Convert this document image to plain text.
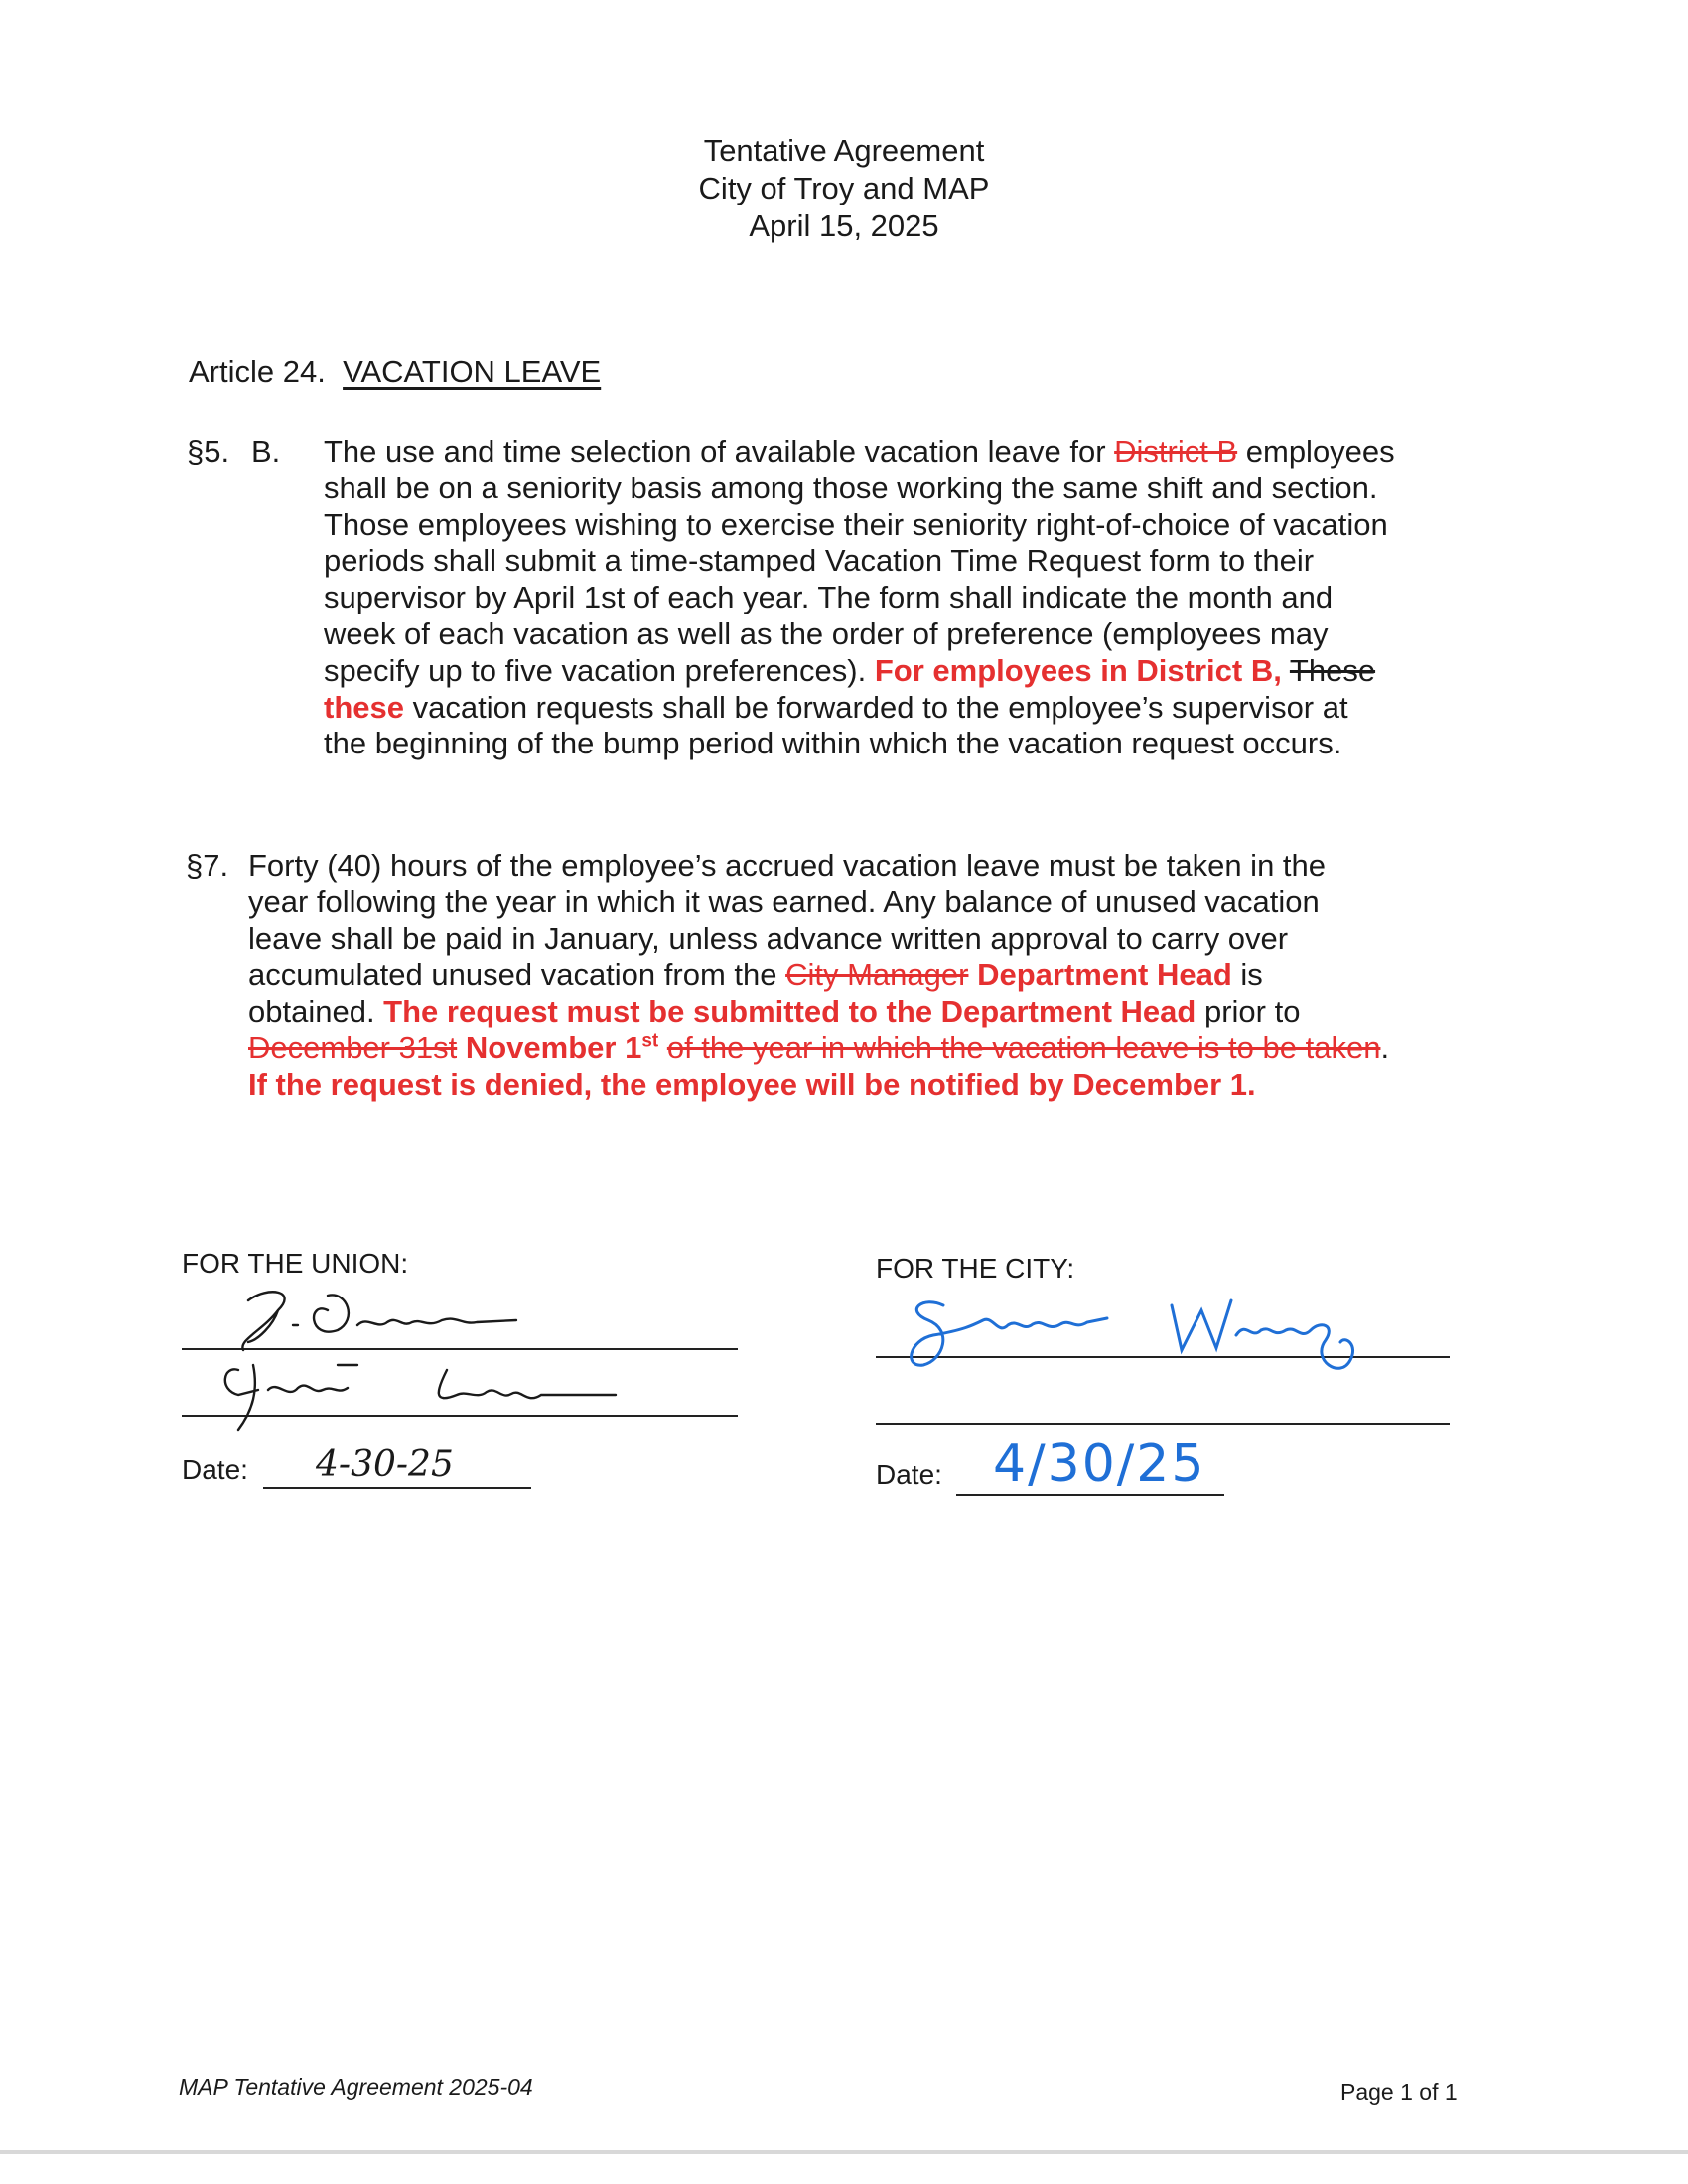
Tentative Agreement
City of Troy and MAP
April 15, 2025
Article 24. VACATION LEAVE
§5. B. The use and time selection of available vacation leave for District B employees
shall be on a seniority basis among those working the same shift and section.
Those employees wishing to exercise their seniority right-of-choice of vacation
periods shall submit a time-stamped Vacation Time Request form to their
supervisor by April 1st of each year. The form shall indicate the month and
week of each vacation as well as the order of preference (employees may
specify up to five vacation preferences). For employees in District B, These
these vacation requests shall be forwarded to the employee’s supervisor at
the beginning of the bump period within which the vacation request occurs.
§7. Forty (40) hours of the employee’s accrued vacation leave must be taken in the
year following the year in which it was earned. Any balance of unused vacation
leave shall be paid in January, unless advance written approval to carry over
accumulated unused vacation from the City Manager Department Head is
obtained. The request must be submitted to the Department Head prior to
December 31st November 1st of the year in which the vacation leave is to be taken.
If the request is denied, the employee will be notified by December 1.
FOR THE UNION:
Date: 4-30-25
FOR THE CITY:
Date: 4/30/25
MAP Tentative Agreement 2025-04	Page 1 of 1
